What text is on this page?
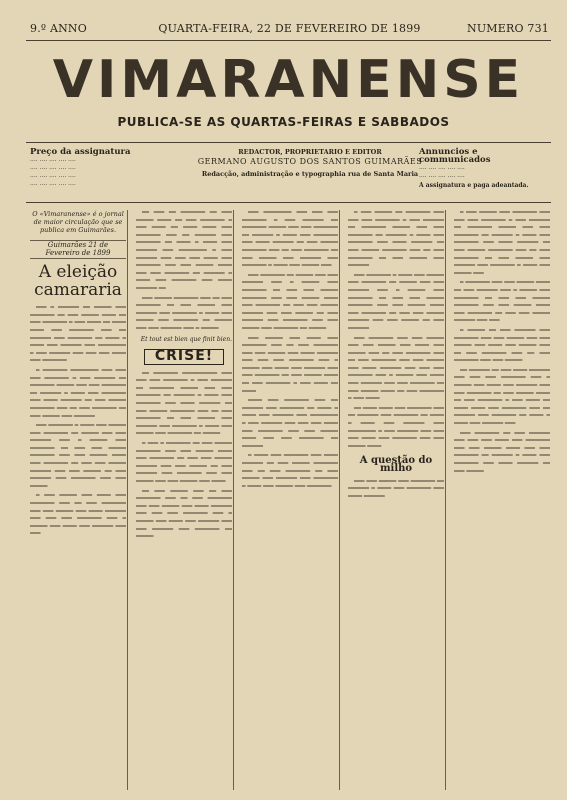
9.º ANNO	QUARTA-FEIRA, 22 DE FEVEREIRO DE 1899	NUMERO 731
VIMARANENSE
PUBLICA-SE AS QUARTAS-FEIRAS E SABBADOS
Preço da assignatura
···· ···· ···· ···· ····
···· ···· ···· ···· ····
···· ···· ···· ···· ····
···· ···· ···· ···· ····
REDACTOR, PROPRIETARIO E EDITOR
GERMANO AUGUSTO DOS SANTOS GUIMARÃES
Redacção, administração e typographia rua de Santa Maria
Annuncios e communicados
···· ···· ···· ···· ····
···· ···· ···· ···· ····
A assignatura e paga adeantada.
O «Vimaranense» é o jornal de maior circulação que se publica em Guimarães.
Guimarães 21 de Fevereiro de 1899
A eleição camararia

═══ ═ ══════ ══ ═════ ═══ ═══════ ══ ═══ ═════ ════ ══ ═══ ═══════ ═ ═══ ════ ══ ════ ════ ═══ ═══════ ═══ ══ ══════ ═══ ═══════ ══ ════ ═ ════ ═══ ══════ ═══ ════════ ═ ═══ ══════ ═══ ═══ ═══ ════ ═══ ═══════

═ ═══════ ════════ ═══ ═══ ═══ ═══════ ═ ═══ ══════ ══ ═══════ ═════ ═══ ═══ ═══════ ══ ══════ ═ ════ ═══ ═══════ ═══ ════ ══════ ══ ═══ ═════ ═══════ ═══ ══ ═══ ═══════ ══ ═══ ═════ ═══ ══════

═══ ═══════ ═ ════ ═══ ═════ ═══ ═══════ ══ ═════ ═══ ═══ ══════ ═══ ═ ═════ ═══ ═══════ ══ ═══ ═══ ═════ ═══════ ═══ ═══ ═════ ════ ═══ ═══════ ══ ═══ ═══ ═════ ══════ ═══ ═══ ═════ ══ ═══ ══════ ═══ ═══════ ═══ ═══ ═════

═ ═══ ═════ ═══ ════ ═══ ═══════ ═══ ══ ═══ ═══════ ═══ ═══ ═════ ═══ ════ ══════ ═══ ═══ ═══ ═══════ ═══ ═ ═════ ═══ ════ ═══ ══════ ═══ ═══

══ ═══ ══ ═══════ ══ ═══ ═════ ════ ══ ═══ ═══════ ═ ═══ ════ ══ ════ ════ ═══ ═══════ ═══ ══ ══════ ═══ ═══════ ══ ════ ═ ════ ═══ ══════ ═══ ════════ ═ ═══ ══════ ═══ ═══ ═══ ════ ═══ ═══════ ═══ ═══ ═════ ════ ═══ ═══ ═══════ ══ ══════ ═ ════ ═══ ═══════ ═══ ════ ══════ ══

═══ ═════ ═══════ ═══ ══ ═══ ═══════ ══ ═══ ═════ ═══ ══════ ═══ ═══════ ═ ════ ═══ ═════ ═══ ═══════ ══ ═════ ═══ ═══ ══════ ═══ ═ ═════

Et tout est bien que finit bien.
CRISE!

══ ═══════ ══════════ ═══ ═══ ═══ ═══════ ═ ═══ ══════ ══ ═══════ ═════ ═══ ═══ ═══════ ══ ══════ ═ ════ ═══ ═══════ ═══ ════ ══════ ══ ═══ ═════ ═══════ ═══ ══ ═══ ═══════ ══ ═══ ═════ ═══ ══════ ═══ ═══════ ═ ════ ═══ ═════ ═══ ═══════ ══ ═════

═ ═══ ═ ═══════ ══ ═══ ═════ ═══════ ═══ ═══ ═════ ════ ═══ ═══════ ══ ═══ ═══ ═════ ══════ ═══ ═══ ═════ ══ ═══ ══════ ═══ ═══════ ═══ ═══ ═════ ═══ ═══ ═════ ═══ ════

══ ═══ ═════ ═══ ══ ═══ ═══════ ═══ ══ ═══ ═══════ ═══ ═══ ═════ ═══ ════ ══════ ═══ ═══ ═══ ═══════ ═══ ═ ═════ ═══ ════ ═══ ══════ ═══ ═══ ══════ ═══ ═══════ ══ ═════

═══ ════════ ═══ ═══ ═══ ═══════ ═ ═══ ══════ ══ ═══════ ═════ ═══ ═══ ═══════ ══ ══════ ═ ════ ═══ ═══════ ═══ ════ ══════ ══ ═══ ═════ ═══════ ═══ ══ ═══ ═══════ ══ ═══ ═════ ═══ ══════ ═══ ═══════ ═ ════ ═══ ═════ ═══

═══ ═══════ ══ ═════ ═══ ═══ ══════ ═══ ═ ═════ ═══ ═══════ ══ ═══ ═══ ═════ ═══════ ═══ ═══ ═════ ════ ═══ ═══════ ══ ═══ ═══ ═════ ══════ ═══ ═══ ═════ ══ ═══ ══════ ═══ ═══════ ═══ ═══ ═════ ═══ ═══════ ══ ═════

═══ ═════ ═══ ════ ═══ ═══════ ═══ ══ ═══ ═══════ ═══ ═══ ═════ ═══ ════ ══════ ═══ ═══ ═══ ═══════ ═══ ═ ═════ ═══ ════ ═══ ══════ ═══ ═══ ═══════ ══ ═══ ═════ ════ ══ ═══ ═══════ ═ ═══ ════ ══ ════

════ ═══ ═══════ ═══ ══ ══════ ═══ ═══════ ══ ════ ═ ════ ═══ ══════ ═══ ════════ ═ ═══ ══════ ═══ ═══ ═══ ════ ═══ ═══════ ═══ ═══ ═════ ════ ═══ ═══ ═══════ ══ ══════

═ ════ ═══ ═══════ ═══ ════ ══════ ══ ═══ ═════ ═══════ ═══ ══ ═══ ═══════ ══ ═══ ═════ ═══ ══════ ═══ ═══════ ═ ════ ═══ ═════ ═══ ═══════

═ ═══ ═════ ══ ═══════ ═══ ═══ ═══ ═══════ ═ ═══ ══════ ══ ═══════ ═════ ═══ ═══ ═══════ ══ ══════ ═ ════ ═══ ═══════ ═══ ════ ══════ ══ ═══ ═════ ═══════ ═══ ══ ═══ ═══════ ══ ═══ ═════ ═══ ══════

═══ ═══════ ═ ════ ═══ ═════ ═══ ═══════ ══ ═════ ═══ ═══ ══════ ═══ ═ ═════ ═══ ═══════ ══ ═══ ═══ ═════ ═══════ ═══ ═══ ═════ ════ ═══ ═══════ ══ ═══ ═══ ═════ ══════ ═══ ═══ ═════ ══ ═══ ══════

═══ ═══════ ═══ ═══ ═════ ═══ ═══ ═════ ═══ ════ ═══ ═════ ═══ ══ ═══ ═══════ ═══ ══ ═══ ═══════ ═══ ═══ ═════ ═══ ════ ══════ ═══ ═══ ═══ ═══════ ═══ ═ ═════ ═══ ════ ═══ ══════ ═══ ═══ ═══════ ══ ═══ ═════ ════ ══ ═══ ═══════ ═ ═══ ════

══ ════ ════ ═══ ═══════ ═══ ══ ══════ ═══ ═══════ ══ ════ ═ ════ ═══ ══════ ═══ ════════ ═ ═══ ══════ ═══ ═══ ═══ ════ ═══ ═══════ ═══ ═══ ═════ ════

A questão do milho

═══ ═══ ═════ ═══ ═══════ ══ ══════ ═ ════ ═══ ═══════ ═══ ════ ══════

═ ═══ ═════ ═══ ═══════ ═══ ═══ ═══ ═══════ ═ ═══ ══════ ══ ═══════ ═════ ═══ ═══ ═══════ ══ ══════ ═ ════ ═══ ═══════ ═══ ════ ══════ ══ ═══ ═════ ═══════ ═══ ══ ═══ ═══════ ══ ═══ ═════ ═══ ══════ ═══ ═══════ ═ ════ ═══ ═════ ═══

═ ═══════ ═══ ═══ ═════ ════ ══ ═══ ══════ ═══ ═ ═════ ═══ ═══════ ══ ═══ ═══ ═════ ═══════ ═══ ═══ ═════ ════ ═══ ═══════ ══ ═══ ═══ ═════ ══════ ═══ ═══

═ ═════ ══ ═══ ══════ ═══ ═══════ ═══ ═══ ═════ ═══ ═══ ═════ ═══ ════ ═══ ═════ ═══ ══ ═══ ═══════ ═══ ══ ═══ ═══════ ═══ ═══ ═════

══ ══════ ══ ═══ ════ ══════ ═══ ═══ ═══ ═══════ ═══ ═ ═════ ═══ ════ ═══ ══════ ═══ ═══ ═══════ ══ ═══ ═════ ════ ══ ═══ ═══════ ═ ═══ ════ ══ ════ ════ ═══ ═══════ ═══ ══ ══════ ═══ ═══════ ══ ════ ═ ════ ═══ ══════ ═══

═══ ═══════ ══ ═══ ══════ ═══ ═══ ═══ ════ ═══ ═══════ ═══ ═══ ═════ ════ ═══ ═══ ═══════ ══ ══════ ═ ════ ═══ ═══════ ═══ ════ ══════ ══ ═══ ═════
